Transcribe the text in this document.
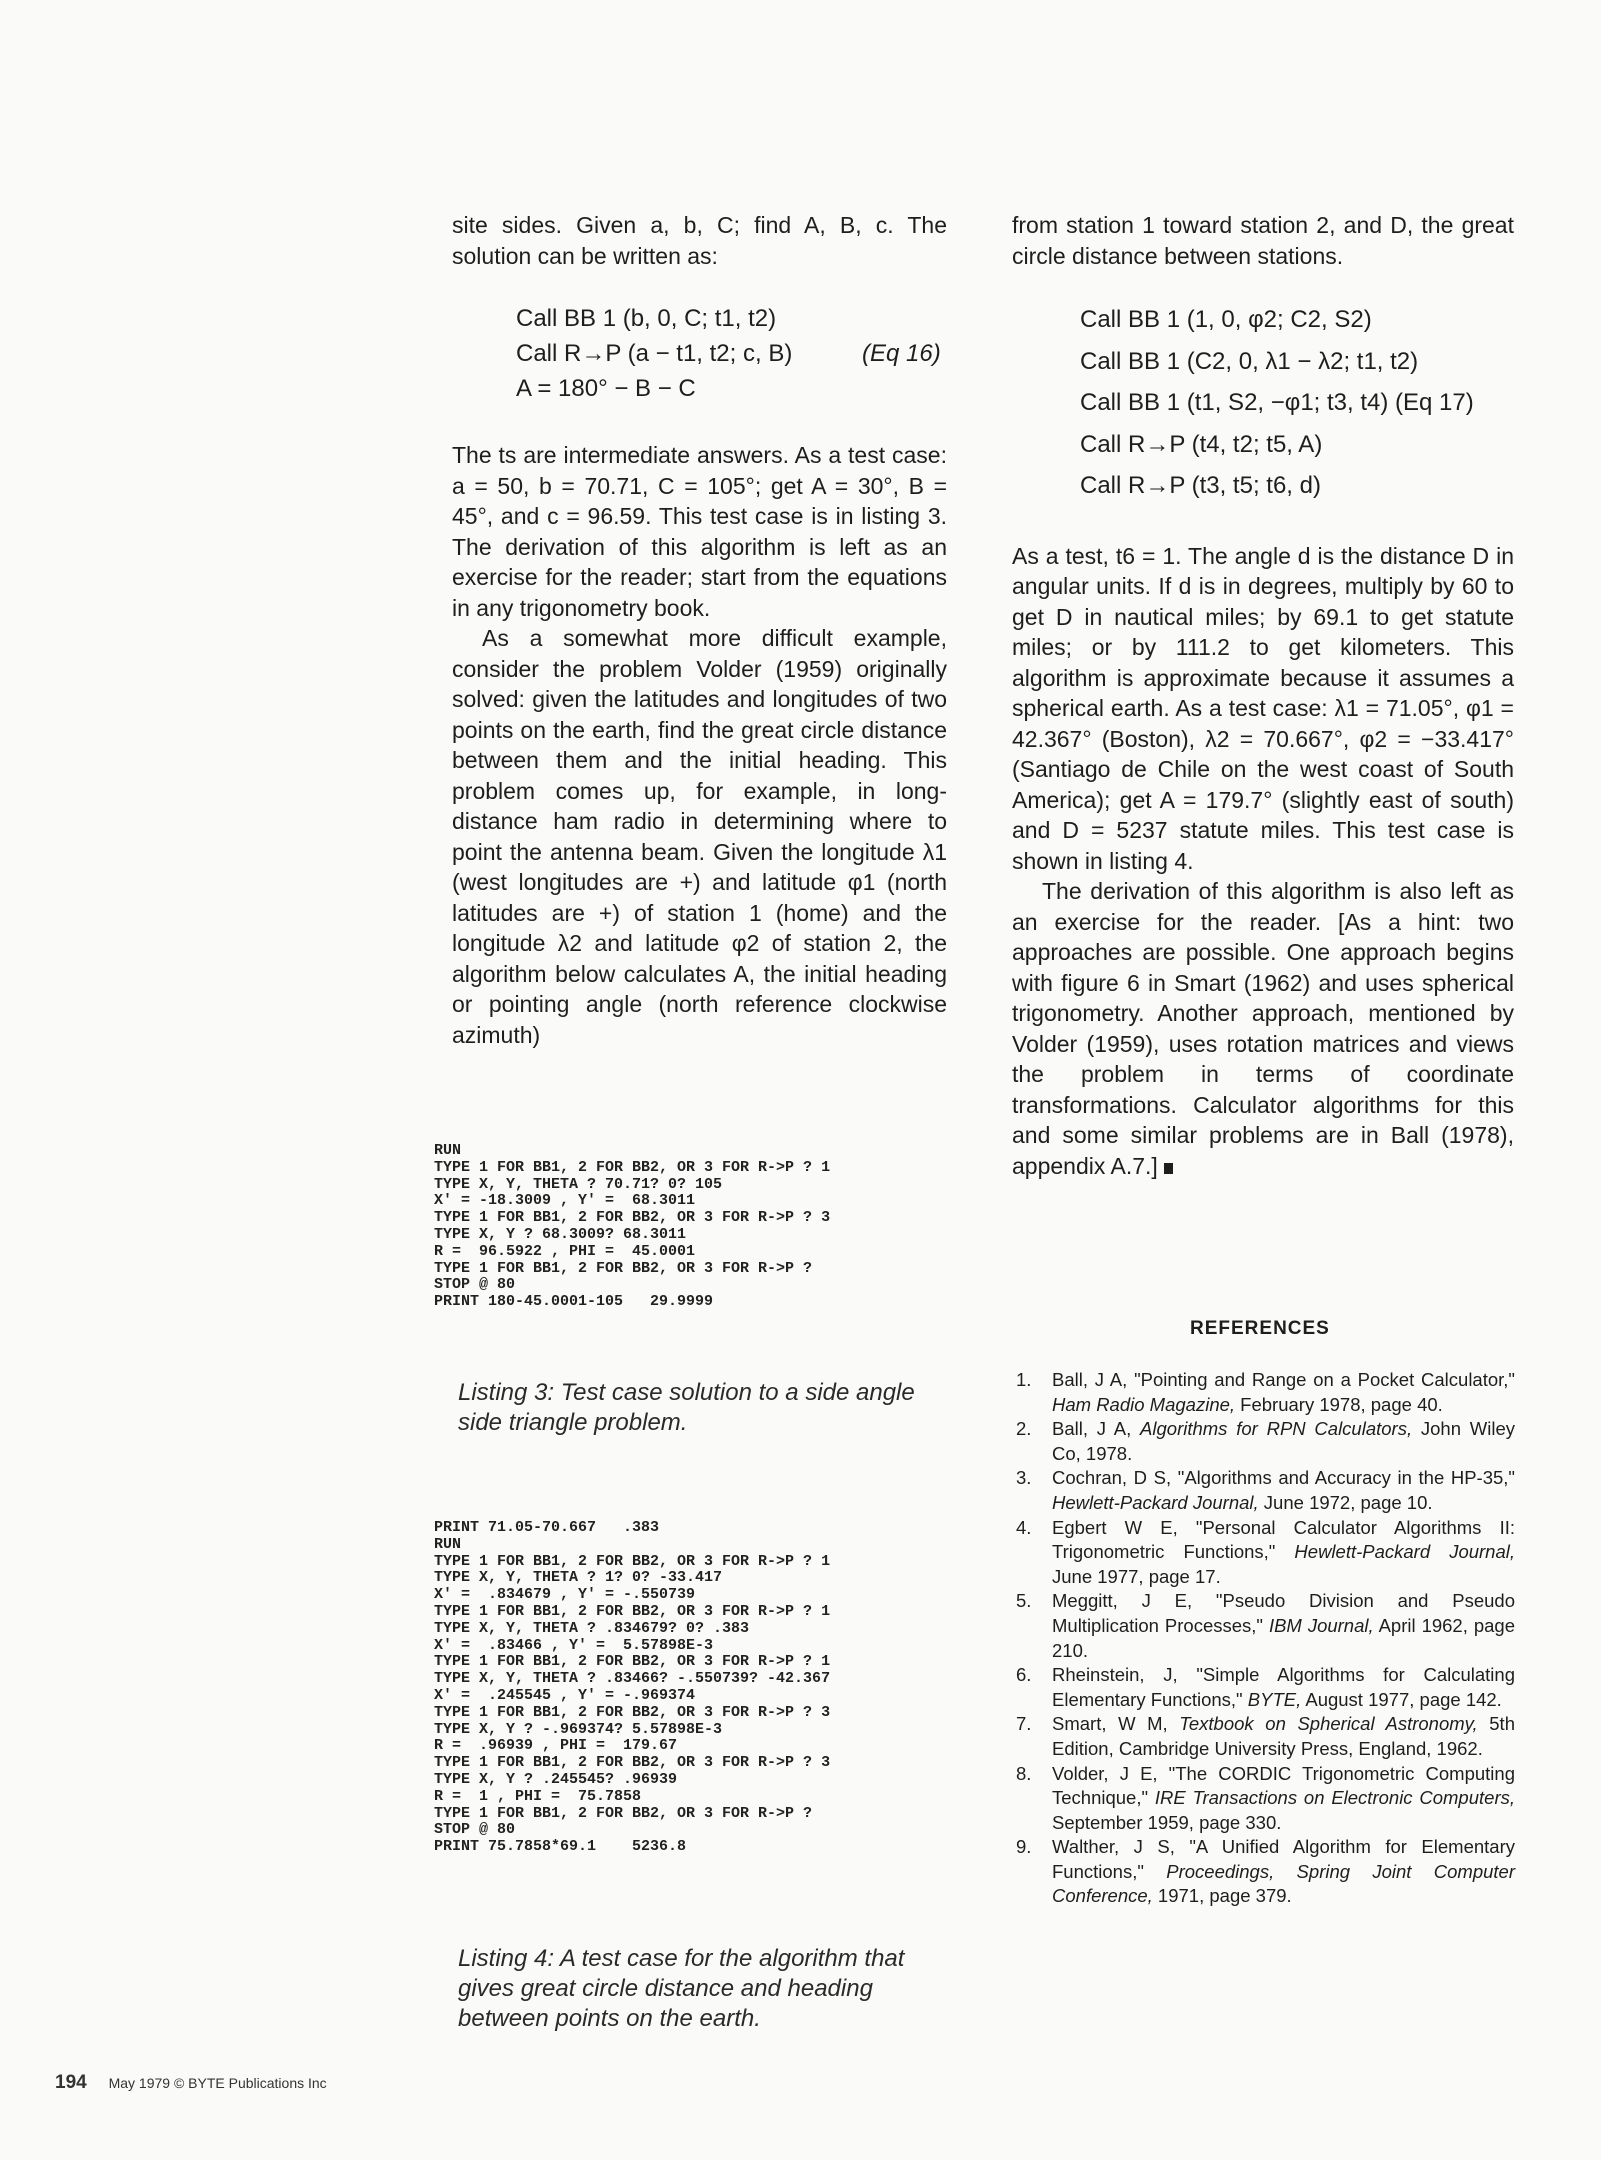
site sides. Given a, b, C; find A, B, c. The solution can be written as:

Call BB 1 (b, 0, C; t1, t2)
Call R→P (a − t1, t2; c, B)
A = 180° − B − C
(Eq 16)

The ts are intermediate answers. As a test case: a = 50, b = 70.71, C = 105°; get A = 30°, B = 45°, and c = 96.59. This test case is in listing 3. The derivation of this algorithm is left as an exercise for the reader; start from the equations in any trigonometry book.

As a somewhat more difficult example, consider the problem Volder (1959) originally solved: given the latitudes and longitudes of two points on the earth, find the great circle distance between them and the initial heading. This problem comes up, for example, in long-distance ham radio in determining where to point the antenna beam. Given the longitude λ1 (west longitudes are +) and latitude φ1 (north latitudes are +) of station 1 (home) and the longitude λ2 and latitude φ2 of station 2, the algorithm below calculates A, the initial heading or pointing angle (north reference clockwise azimuth)

from station 1 toward station 2, and D, the great circle distance between stations.

Call BB 1 (1, 0, φ2; C2, S2)
Call BB 1 (C2, 0, λ1 − λ2; t1, t2)
Call BB 1 (t1, S2, −φ1; t3, t4) (Eq 17)
Call R→P (t4, t2; t5, A)
Call R→P (t3, t5; t6, d)

As a test, t6 = 1. The angle d is the distance D in angular units. If d is in degrees, multiply by 60 to get D in nautical miles; by 69.1 to get statute miles; or by 111.2 to get kilometers. This algorithm is approximate because it assumes a spherical earth. As a test case: λ1 = 71.05°, φ1 = 42.367° (Boston), λ2 = 70.667°, φ2 = −33.417° (Santiago de Chile on the west coast of South America); get A = 179.7° (slightly east of south) and D = 5237 statute miles. This test case is shown in listing 4.

The derivation of this algorithm is also left as an exercise for the reader. [As a hint: two approaches are possible. One approach begins with figure 6 in Smart (1962) and uses spherical trigonometry. Another approach, mentioned by Volder (1959), uses rotation matrices and views the problem in terms of coordinate transformations. Calculator algorithms for this and some similar problems are in Ball (1978), appendix A.7.]

RUN
TYPE 1 FOR BB1, 2 FOR BB2, OR 3 FOR R->P ? 1
TYPE X, Y, THETA ? 70.71? 0? 105
X' = -18.3009 , Y' =  68.3011
TYPE 1 FOR BB1, 2 FOR BB2, OR 3 FOR R->P ? 3
TYPE X, Y ? 68.3009? 68.3011
R =  96.5922 , PHI =  45.0001
TYPE 1 FOR BB1, 2 FOR BB2, OR 3 FOR R->P ?
STOP @ 80
PRINT 180-45.0001-105   29.9999
Listing 3: Test case solution to a side angle side triangle problem.
PRINT 71.05-70.667   .383
RUN
TYPE 1 FOR BB1, 2 FOR BB2, OR 3 FOR R->P ? 1
TYPE X, Y, THETA ? 1? 0? -33.417
X' =  .834679 , Y' = -.550739
TYPE 1 FOR BB1, 2 FOR BB2, OR 3 FOR R->P ? 1
TYPE X, Y, THETA ? .834679? 0? .383
X' =  .83466 , Y' =  5.57898E-3
TYPE 1 FOR BB1, 2 FOR BB2, OR 3 FOR R->P ? 1
TYPE X, Y, THETA ? .83466? -.550739? -42.367
X' =  .245545 , Y' = -.969374
TYPE 1 FOR BB1, 2 FOR BB2, OR 3 FOR R->P ? 3
TYPE X, Y ? -.969374? 5.57898E-3
R =  .96939 , PHI =  179.67
TYPE 1 FOR BB1, 2 FOR BB2, OR 3 FOR R->P ? 3
TYPE X, Y ? .245545? .96939
R =  1 , PHI =  75.7858
TYPE 1 FOR BB1, 2 FOR BB2, OR 3 FOR R->P ?
STOP @ 80
PRINT 75.7858*69.1    5236.8
Listing 4: A test case for the algorithm that gives great circle distance and heading between points on the earth.
REFERENCES
1. Ball, J A, "Pointing and Range on a Pocket Calculator," Ham Radio Magazine, February 1978, page 40.
2. Ball, J A, Algorithms for RPN Calculators, John Wiley Co, 1978.
3. Cochran, D S, "Algorithms and Accuracy in the HP-35," Hewlett-Packard Journal, June 1972, page 10.
4. Egbert W E, "Personal Calculator Algorithms II: Trigonometric Functions," Hewlett-Packard Journal, June 1977, page 17.
5. Meggitt, J E, "Pseudo Division and Pseudo Multiplication Processes," IBM Journal, April 1962, page 210.
6. Rheinstein, J, "Simple Algorithms for Calculating Elementary Functions," BYTE, August 1977, page 142.
7. Smart, W M, Textbook on Spherical Astronomy, 5th Edition, Cambridge University Press, England, 1962.
8. Volder, J E, "The CORDIC Trigonometric Computing Technique," IRE Transactions on Electronic Computers, September 1959, page 330.
9. Walther, J S, "A Unified Algorithm for Elementary Functions," Proceedings, Spring Joint Computer Conference, 1971, page 379.
194 May 1979 © BYTE Publications Inc
